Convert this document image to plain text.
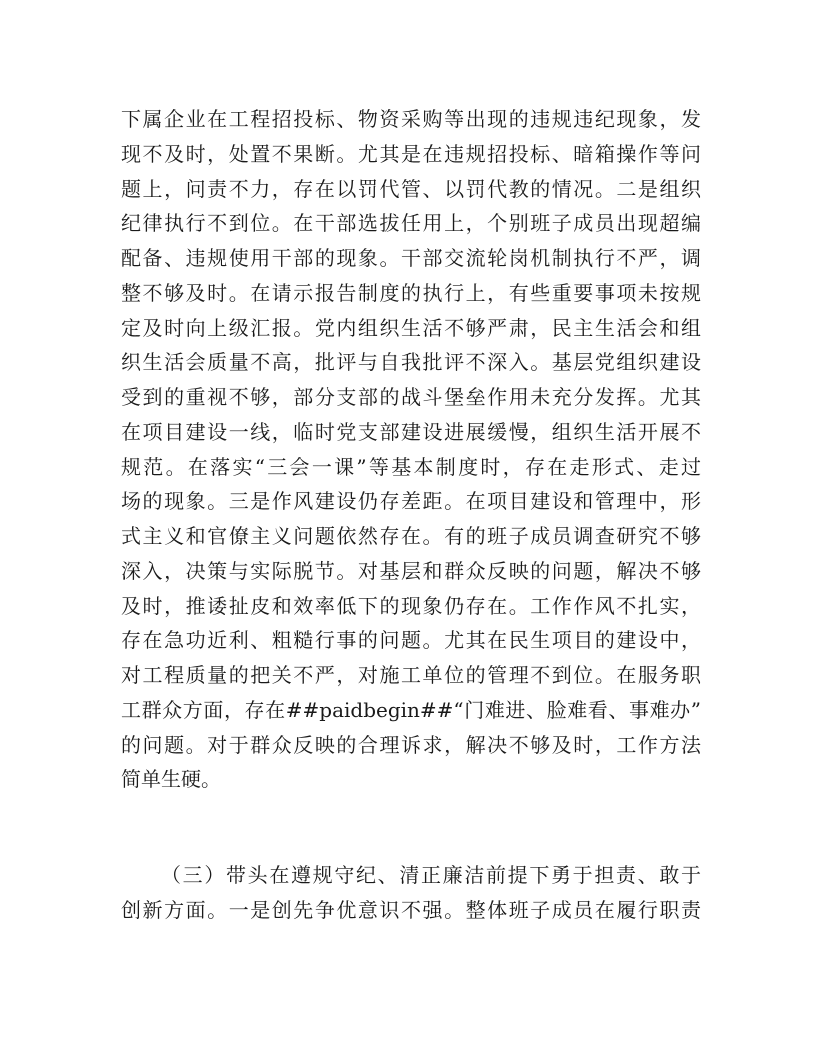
下属企业在工程招投标、物资采购等出现的违规违纪现象，发
现不及时，处置不果断。尤其是在违规招投标、暗箱操作等问
题上，问责不力，存在以罚代管、以罚代教的情况。二是组织
纪律执行不到位。在干部选拔任用上，个别班子成员出现超编
配备、违规使用干部的现象。干部交流轮岗机制执行不严，调
整不够及时。在请示报告制度的执行上，有些重要事项未按规
定及时向上级汇报。党内组织生活不够严肃，民主生活会和组
织生活会质量不高，批评与自我批评不深入。基层党组织建设
受到的重视不够，部分支部的战斗堡垒作用未充分发挥。尤其
在项目建设一线，临时党支部建设进展缓慢，组织生活开展不
规范。在落实“三会一课”等基本制度时，存在走形式、走过
场的现象。三是作风建设仍存差距。在项目建设和管理中，形
式主义和官僚主义问题依然存在。有的班子成员调查研究不够
深入，决策与实际脱节。对基层和群众反映的问题，解决不够
及时，推诿扯皮和效率低下的现象仍存在。工作作风不扎实，
存在急功近利、粗糙行事的问题。尤其在民生项目的建设中，
对工程质量的把关不严，对施工单位的管理不到位。在服务职
工群众方面，存在##paidbegin##“门难进、脸难看、事难办”
的问题。对于群众反映的合理诉求，解决不够及时，工作方法
简单生硬。
（三）带头在遵规守纪、清正廉洁前提下勇于担责、敢于
创新方面。一是创先争优意识不强。整体班子成员在履行职责
